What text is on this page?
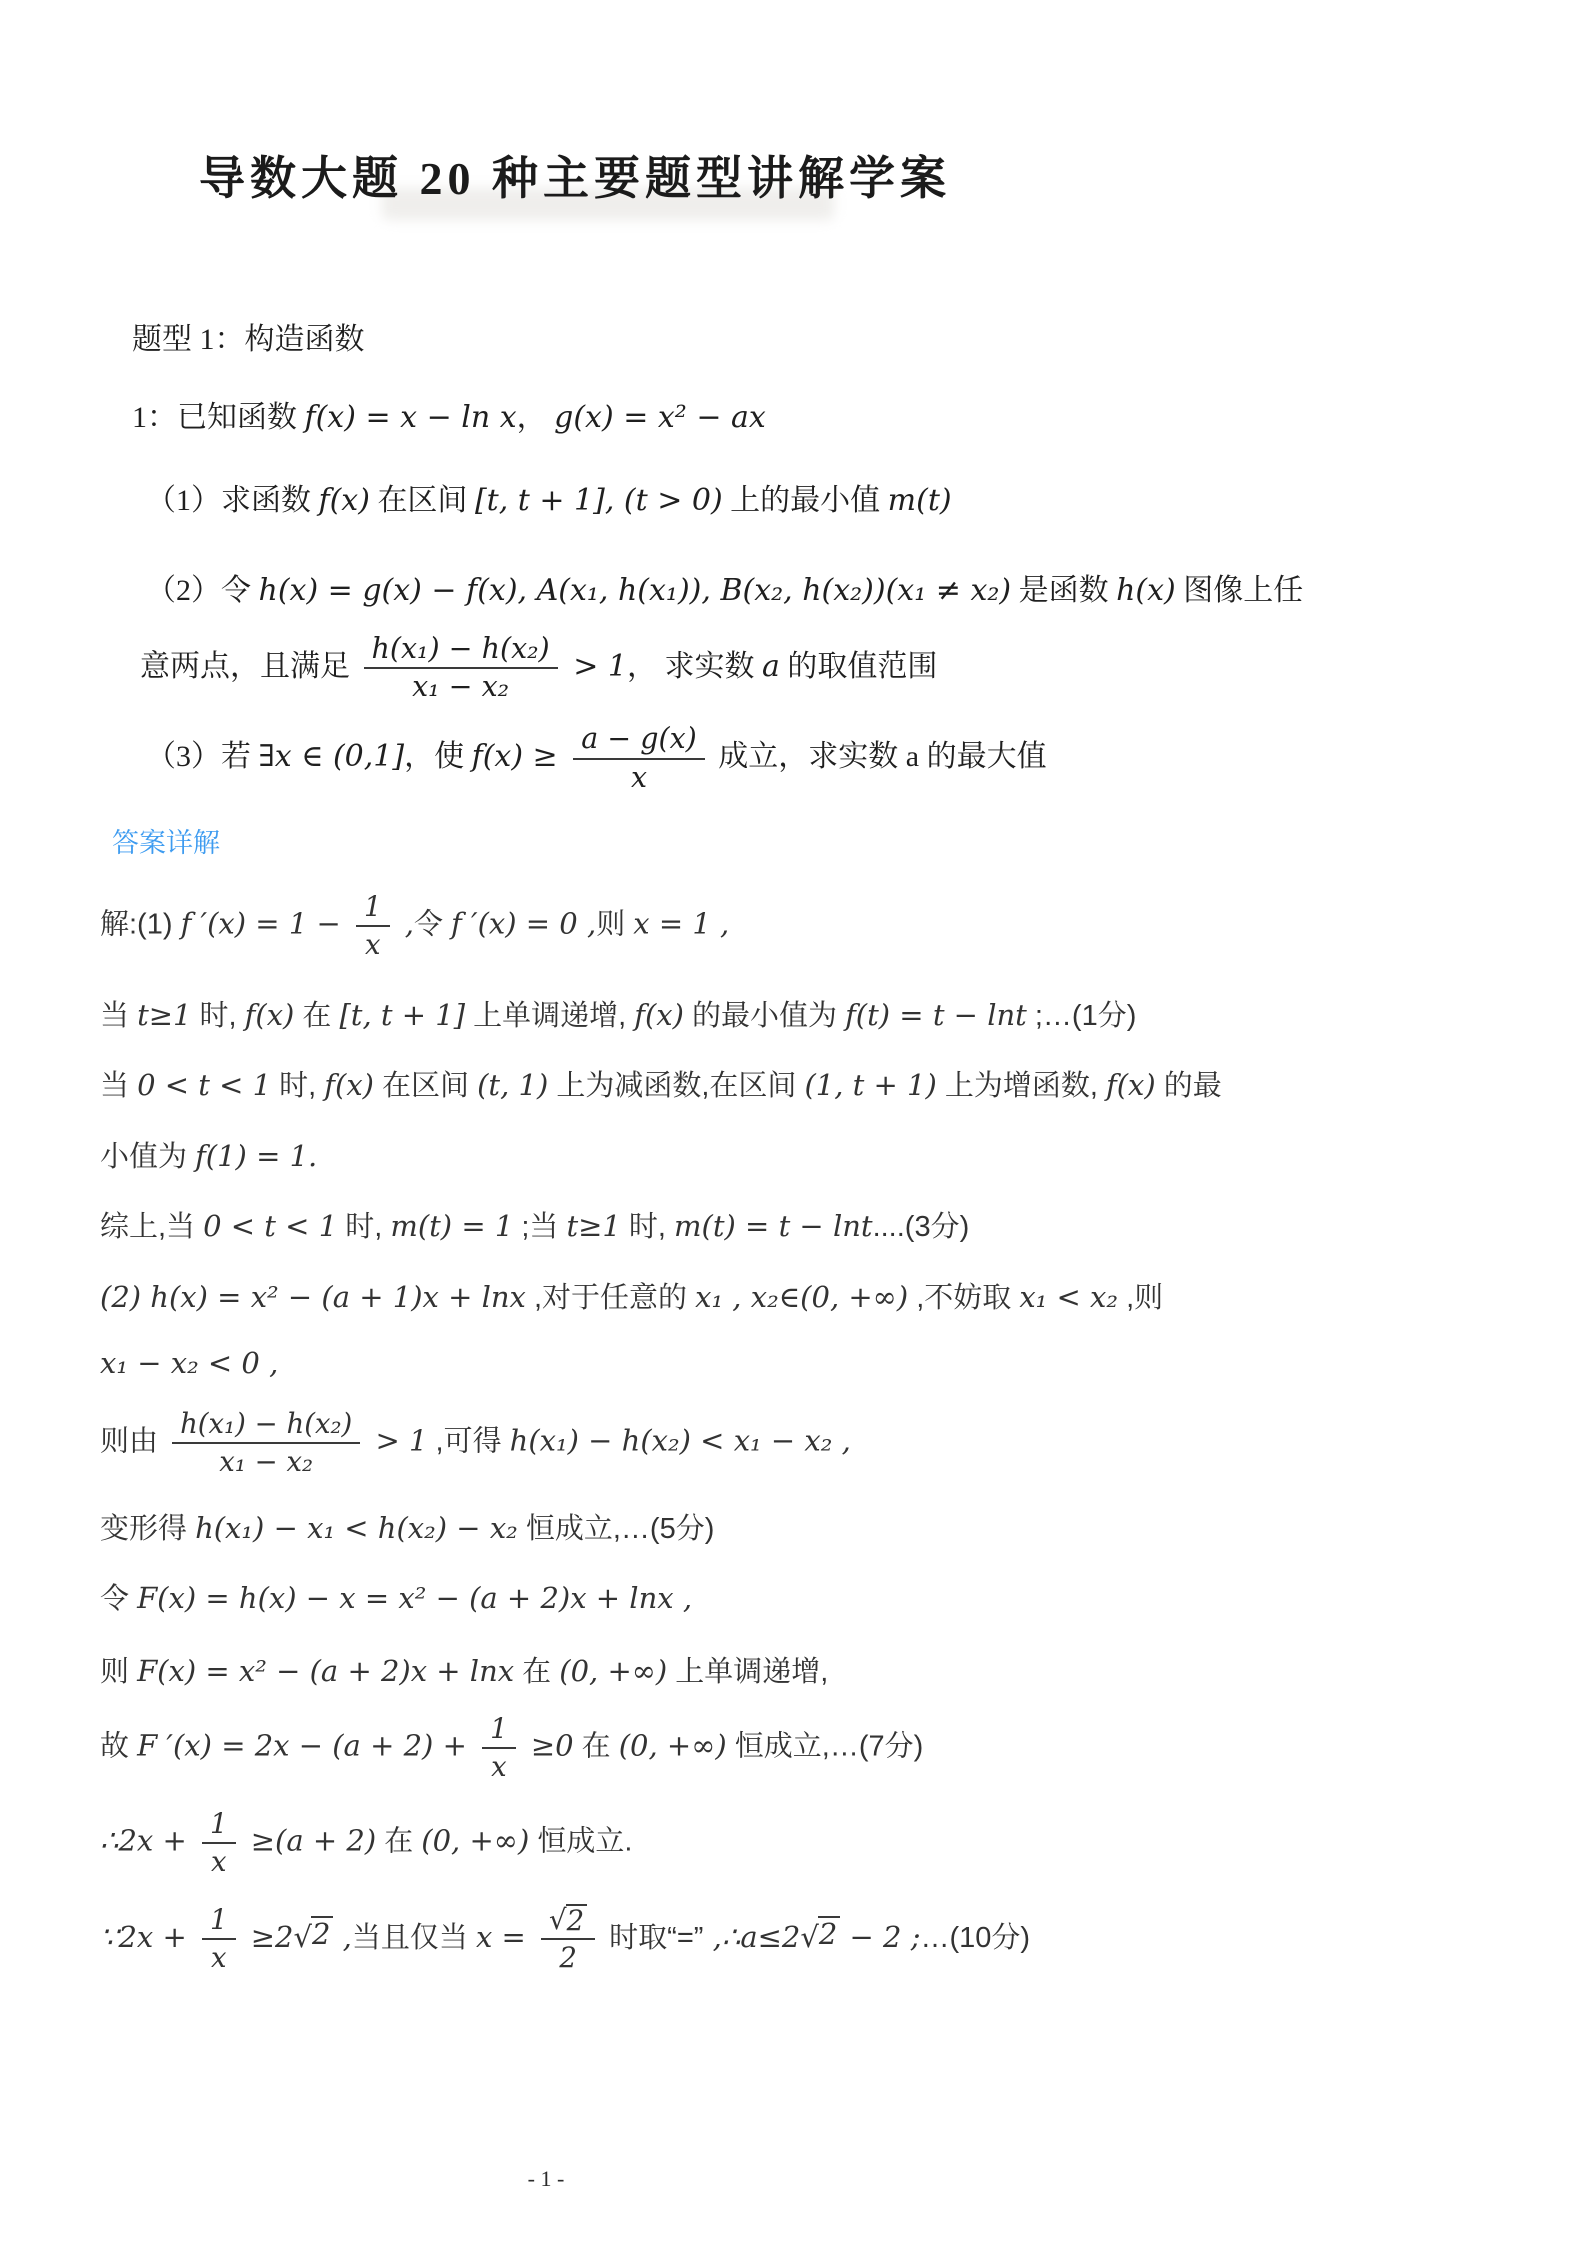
导数大题 20 种主要题型讲解学案
题型 1：构造函数
1：已知函数 f(x) = x − ln x， g(x) = x² − ax
（1）求函数 f(x) 在区间 [t, t + 1], (t > 0) 上的最小值 m(t)
（2）令 h(x) = g(x) − f(x), A(x₁, h(x₁)), B(x₂, h(x₂))(x₁ ≠ x₂) 是函数 h(x) 图像上任
意两点，且满足 $\frac{\text{h(x₁) − h(x₂)}}{\text{x₁ − x₂}} > 1$， 求实数 a 的取值范围
（3）若 ∃x ∈ (0,1]，使 $f(x) \ge \frac{a - g(x)}{x}$ 成立，求实数 a 的最大值
答案详解
解:(1) f $'(x) = 1 - \frac{1}{x}$ ,令 f ′(x) = 0 ,则 x = 1 ,
当 t≥1 时, f(x) 在 [t, t + 1] 上单调递增, f(x) 的最小值为 f(t) = t − lnt ;…(1分)
当 0 < t < 1 时, f(x) 在区间 (t, 1) 上为减函数,在区间 (1, t + 1) 上为增函数, f(x) 的最
小值为 f(1) = 1.
综上,当 0 < t < 1 时, m(t) = 1 ;当 t≥1 时, m(t) = t − lnt....(3分)
(2) h(x) = x² − (a + 1)x + lnx ,对于任意的 x₁ , x₂∈(0, +∞) ,不妨取 x₁ < x₂ ,则
x₁ − x₂ < 0 ,
则由 $\frac{\text{h(x₁) − h(x₂)}}{\text{x₁ − x₂}} > 1$ ,可得 h(x₁) − h(x₂) < x₁ − x₂ ,
变形得 h(x₁) − x₁ < h(x₂) − x₂ 恒成立,…(5分)
令 F(x) = h(x) − x = x² − (a + 2)x + lnx ,
则 F(x) = x² − (a + 2)x + lnx 在 (0, +∞) 上单调递增,
故 F $'(x) = 2x - (a + 2) + \frac{1}{x} \ge 0$ 在 (0, +∞) 恒成立,…(7分)
∴2x + $\frac{1}{x} \ge(a + 2)$ 在 (0, +∞) 恒成立.
∵2x + $\frac{1}{x} \ge 2$ √ 2 ,当且仅当 $x = \frac{√ 2}{2}$ 时取“=” ,∴a≤2 √ 2 − 2 ;…(10分)
- 1 -
